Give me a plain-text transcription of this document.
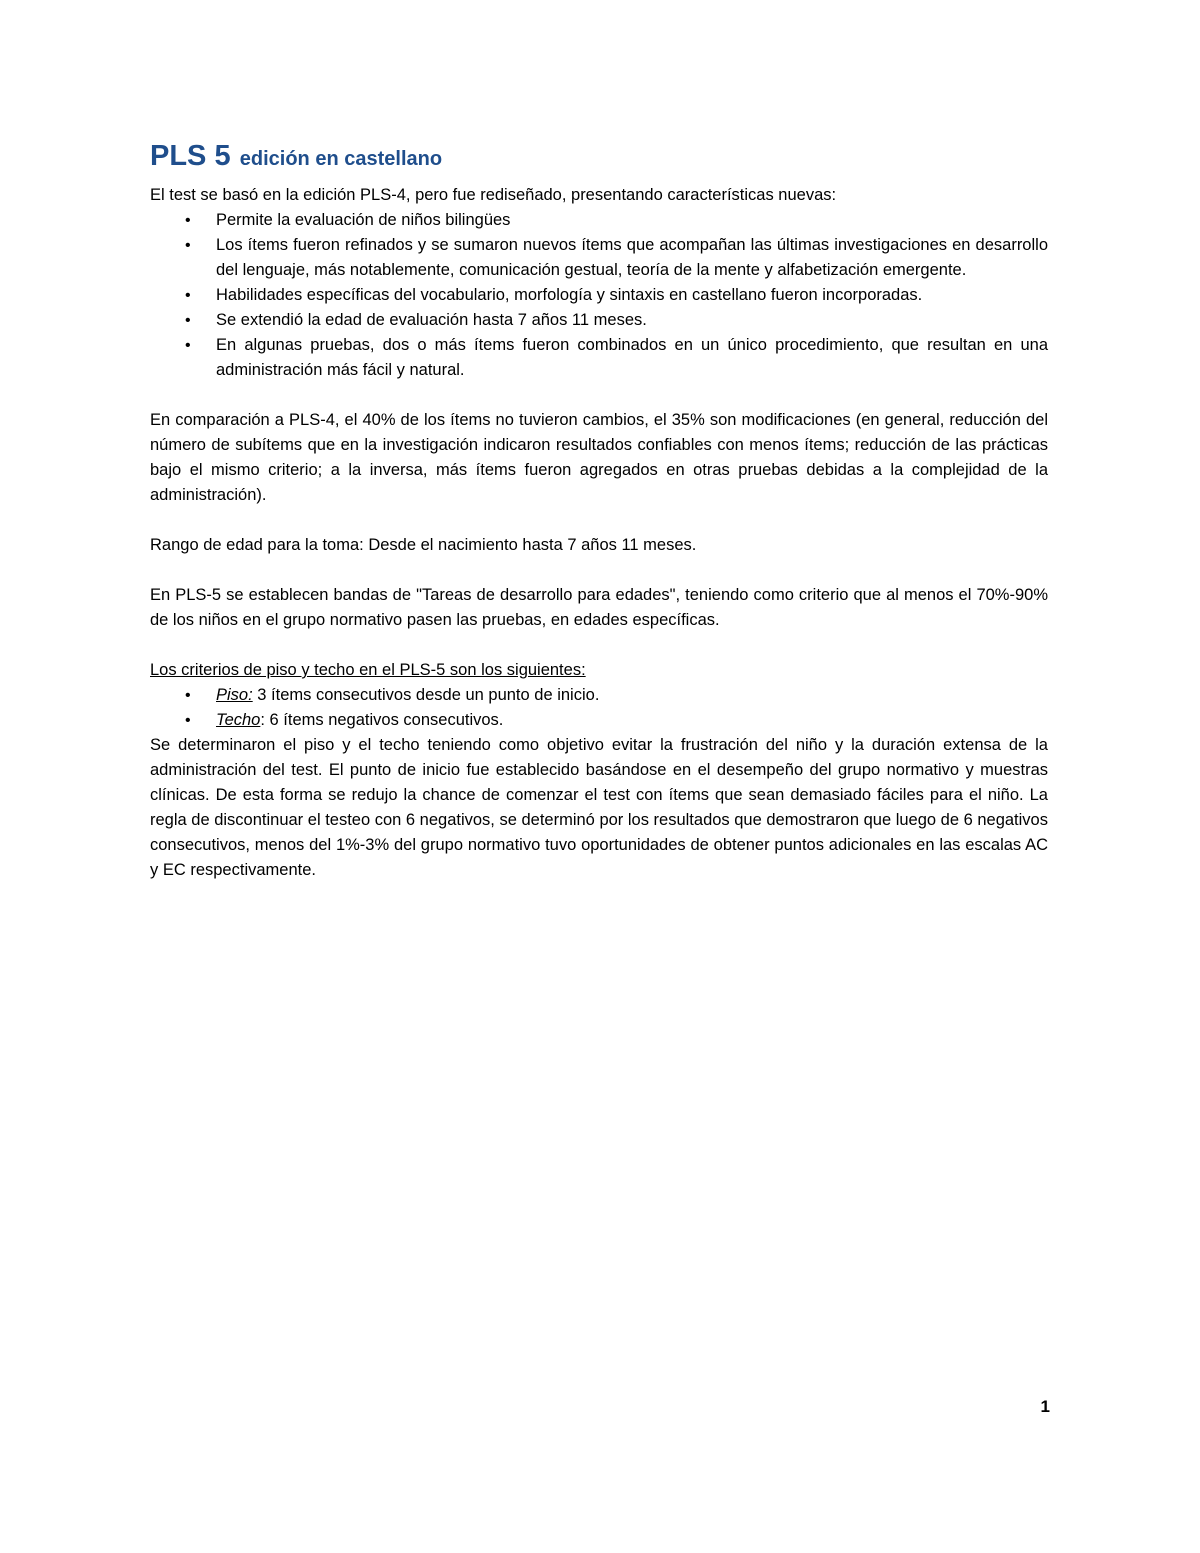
PLS 5 edición en castellano

El test se basó en la edición PLS-4, pero fue rediseñado, presentando características nuevas:

• Permite la evaluación de niños bilingües
• Los ítems fueron refinados y se sumaron nuevos ítems que acompañan las últimas investigaciones en desarrollo del lenguaje, más notablemente, comunicación gestual, teoría de la mente y alfabetización emergente.
• Habilidades específicas del vocabulario, morfología y sintaxis en castellano fueron incorporadas.
• Se extendió la edad de evaluación hasta 7 años 11 meses.
• En algunas pruebas, dos o más ítems fueron combinados en un único procedimiento, que resultan en una administración más fácil y natural.

En comparación a PLS-4, el 40% de los ítems no tuvieron cambios, el 35% son modificaciones (en general, reducción del número de subítems que en la investigación indicaron resultados confiables con menos ítems; reducción de las prácticas bajo el mismo criterio; a la inversa, más ítems fueron agregados en otras pruebas debidas a la complejidad de la administración).

Rango de edad para la toma: Desde el nacimiento hasta 7 años 11 meses.

En PLS-5 se establecen bandas de "Tareas de desarrollo para edades", teniendo como criterio que al menos el 70%-90% de los niños en el grupo normativo pasen las pruebas, en edades específicas.

Los criterios de piso y techo en el PLS-5 son los siguientes:

• Piso: 3 ítems consecutivos desde un punto de inicio.
• Techo: 6 ítems negativos consecutivos.

Se determinaron el piso y el techo teniendo como objetivo evitar la frustración del niño y la duración extensa de la administración del test. El punto de inicio fue establecido basándose en el desempeño del grupo normativo y muestras clínicas. De esta forma se redujo la chance de comenzar el test con ítems que sean demasiado fáciles para el niño. La regla de discontinuar el testeo con 6 negativos, se determinó por los resultados que demostraron que luego de 6 negativos consecutivos, menos del 1%-3% del grupo normativo tuvo oportunidades de obtener puntos adicionales en las escalas AC y EC respectivamente.

1
